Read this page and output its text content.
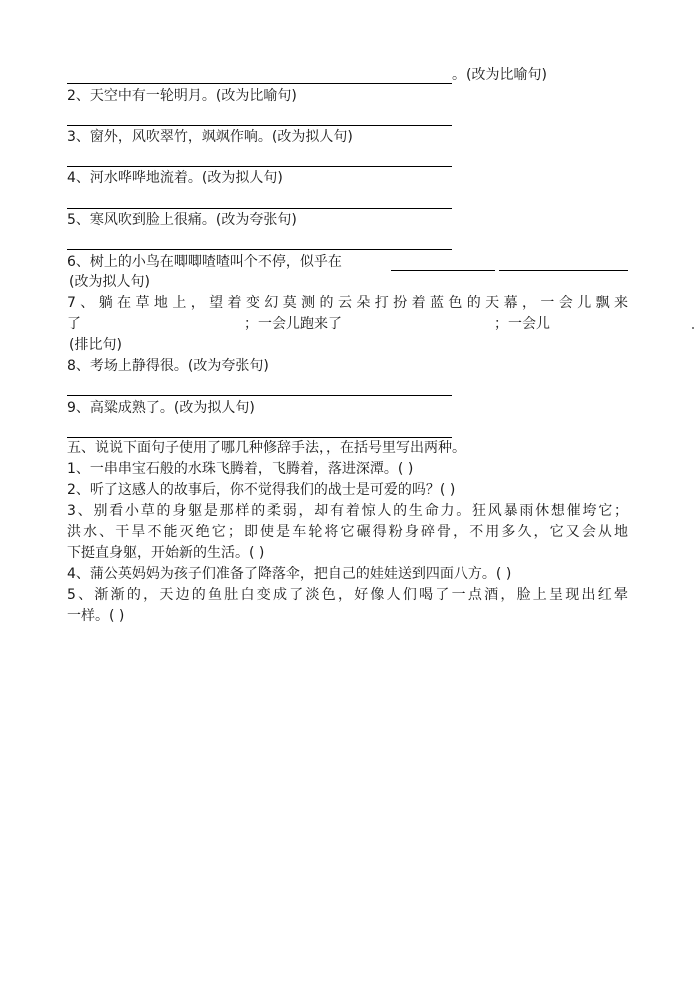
。(改为比喻句)
2、天空中有一轮明月。(改为比喻句)
3、窗外，风吹翠竹，飒飒作响。(改为拟人句)
4、河水哗哗地流着。(改为拟人句)
5、寒风吹到脸上很痛。(改为夸张句)
6、树上的小鸟在唧唧喳喳叫个不停，似乎在
(改为拟人句)
7、躺在草地上，望着变幻莫测的云朵打扮着蓝色的天幕，一会儿飘来
了	；一会儿跑来了	；一会儿
(排比句)
8、考场上静得很。(改为夸张句)
9、高粱成熟了。(改为拟人句)
五、说说下面句子使用了哪几种修辞手法，，在括号里写出两种。
1、一串串宝石般的水珠飞腾着，飞腾着，落进深潭。( )
2、听了这感人的故事后，你不觉得我们的战士是可爱的吗？( )
3、别看小草的身躯是那样的柔弱，却有着惊人的生命力。狂风暴雨休想催垮它；
洪水、干旱不能灭绝它；即使是车轮将它碾得粉身碎骨，不用多久，它又会从地
下挺直身躯，开始新的生活。( )
4、蒲公英妈妈为孩子们准备了降落伞，把自己的娃娃送到四面八方。( )
5、渐渐的，天边的鱼肚白变成了淡色，好像人们喝了一点酒，脸上呈现出红晕
一样。( )
